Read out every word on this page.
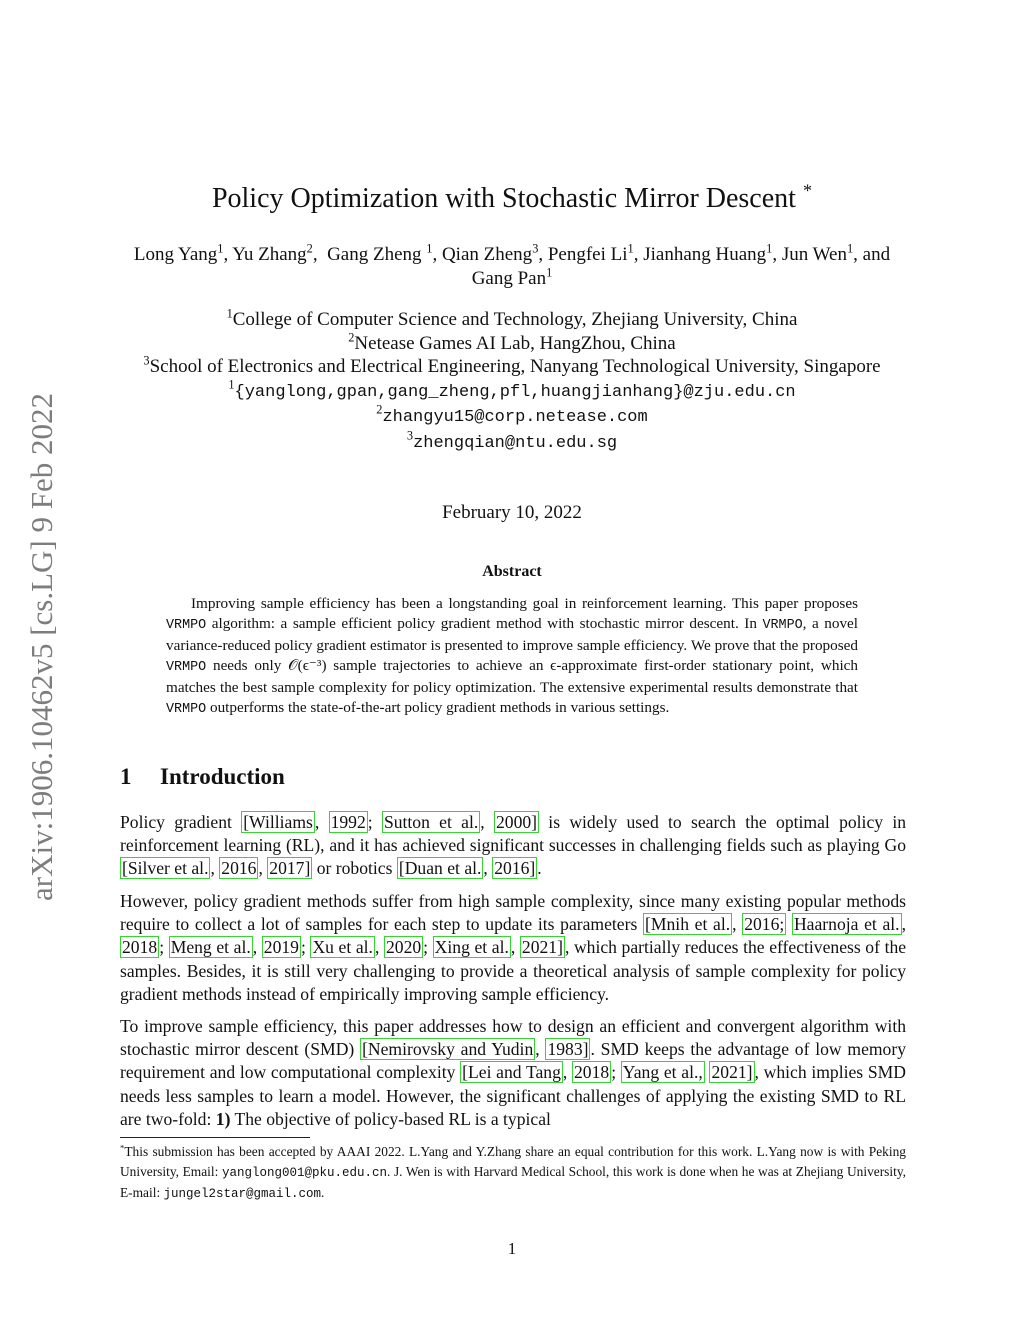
arXiv:1906.10462v5 [cs.LG] 9 Feb 2022
Policy Optimization with Stochastic Mirror Descent *
Long Yang$^1$, Yu Zhang$^2$,  Gang Zheng $^1$, Qian Zheng$^3$, Pengfei Li$^1$, Jianhang Huang$^1$, Jun Wen$^1$, and Gang Pan$^1$
$^1$College of Computer Science and Technology, Zhejiang University, China
$^2$Netease Games AI Lab, HangZhou, China
$^3$School of Electronics and Electrical Engineering, Nanyang Technological University, Singapore
$^1${yanglong,gpan,gang_zheng,pfl,huangjianhang}@zju.edu.cn
$^2$zhangyu15@corp.netease.com
$^3$zhengqian@ntu.edu.sg
February 10, 2022
Abstract
Improving sample efficiency has been a longstanding goal in reinforcement learning. This paper proposes VRMPO algorithm: a sample efficient policy gradient method with stochastic mirror descent. In VRMPO, a novel variance-reduced policy gradient estimator is presented to improve sample efficiency. We prove that the proposed VRMPO needs only 𝒪(ϵ⁻³) sample trajectories to achieve an ϵ-approximate first-order stationary point, which matches the best sample complexity for policy optimization. The extensive experimental results demonstrate that VRMPO outperforms the state-of-the-art policy gradient methods in various settings.
1 Introduction
Policy gradient [Williams , 1992 ; Sutton et al. , 2000] is widely used to search the optimal policy in reinforcement learning (RL), and it has achieved significant successes in challenging fields such as playing Go [Silver et al. , 2016 , 2017] or robotics [Duan et al. , 2016] .
However, policy gradient methods suffer from high sample complexity, since many existing popular methods require to collect a lot of samples for each step to update its parameters [Mnih et al. , 2016; Haarnoja et al. , 2018 ; Meng et al. , 2019 ; Xu et al. , 2020 ; Xing et al. , 2021] , which partially reduces the effectiveness of the samples. Besides, it is still very challenging to provide a theoretical analysis of sample complexity for policy gradient methods instead of empirically improving sample efficiency.
To improve sample efficiency, this paper addresses how to design an efficient and convergent algorithm with stochastic mirror descent (SMD) [Nemirovsky and Yudin , 1983] . SMD keeps the advantage of low memory requirement and low computational complexity [Lei and Tang , 2018 ; Yang et al., 2021] , which implies SMD needs less samples to learn a model. However, the significant challenges of applying the existing SMD to RL are two-fold: 1) The objective of policy-based RL is a typical
*This submission has been accepted by AAAI 2022. L.Yang and Y.Zhang share an equal contribution for this work. L.Yang now is with Peking University, Email: yanglong001@pku.edu.cn. J. Wen is with Harvard Medical School, this work is done when he was at Zhejiang University, E-mail: jungel2star@gmail.com.
1
